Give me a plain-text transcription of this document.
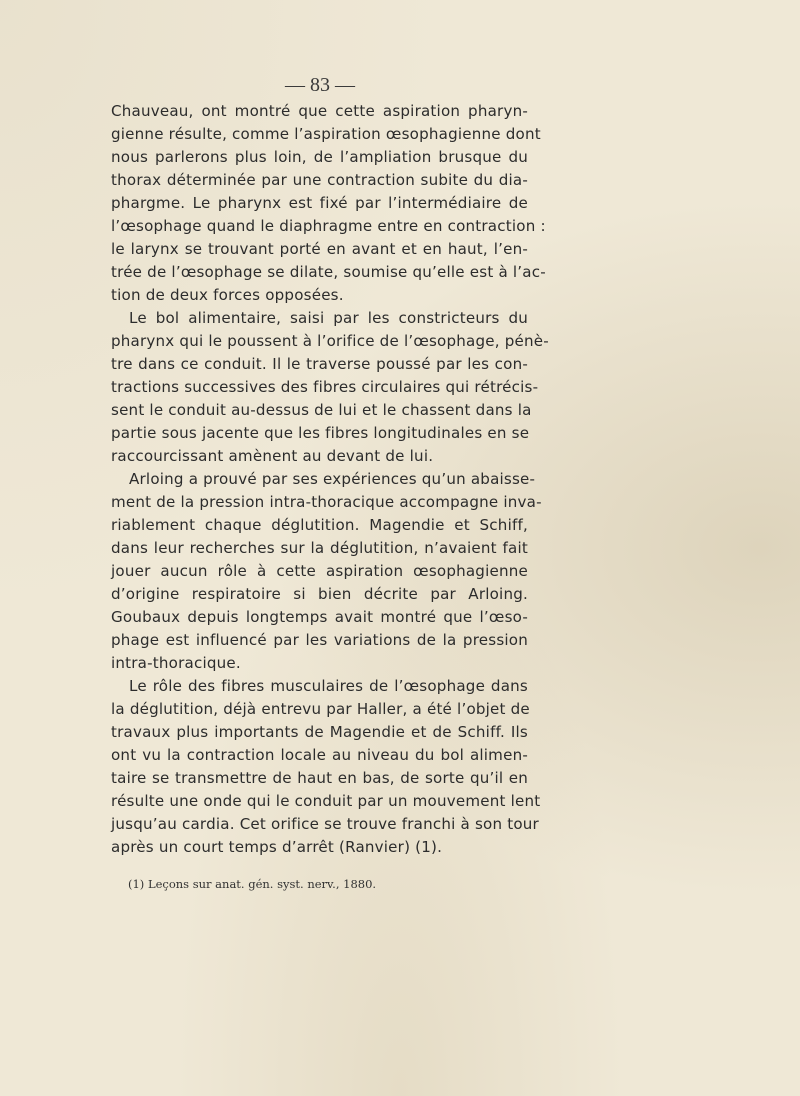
— 83 —
Chauveau, ont montré que cette aspiration pharyn-
gienne résulte, comme l’aspiration œsophagienne dont
nous parlerons plus loin, de l’ampliation brusque du
thorax déterminée par une contraction subite du dia-
phargme. Le pharynx est fixé par l’intermédiaire de
l’œsophage quand le diaphragme entre en contraction :
le larynx se trouvant porté en avant et en haut, l’en-
trée de l’œsophage se dilate, soumise qu’elle est à l’ac-
tion de deux forces opposées.
Le bol alimentaire, saisi par les constricteurs du
pharynx qui le poussent à l’orifice de l’œsophage, pénè-
tre dans ce conduit. Il le traverse poussé par les con-
tractions successives des fibres circulaires qui rétrécis-
sent le conduit au-dessus de lui et le chassent dans la
partie sous jacente que les fibres longitudinales en se
raccourcissant amènent au devant de lui.
Arloing a prouvé par ses expériences qu’un abaisse-
ment de la pression intra-thoracique accompagne inva-
riablement chaque déglutition. Magendie et Schiff,
dans leur recherches sur la déglutition, n’avaient fait
jouer aucun rôle à cette aspiration œsophagienne
d’origine respiratoire si bien décrite par Arloing.
Goubaux depuis longtemps avait montré que l’œso-
phage est influencé par les variations de la pression
intra-thoracique.
Le rôle des fibres musculaires de l’œsophage dans
la déglutition, déjà entrevu par Haller, a été l’objet de
travaux plus importants de Magendie et de Schiff. Ils
ont vu la contraction locale au niveau du bol alimen-
taire se transmettre de haut en bas, de sorte qu’il en
résulte une onde qui le conduit par un mouvement lent
jusqu’au cardia. Cet orifice se trouve franchi à son tour
après un court temps d’arrêt (Ranvier) (1).
(1) Leçons sur anat. gén. syst. nerv., 1880.
